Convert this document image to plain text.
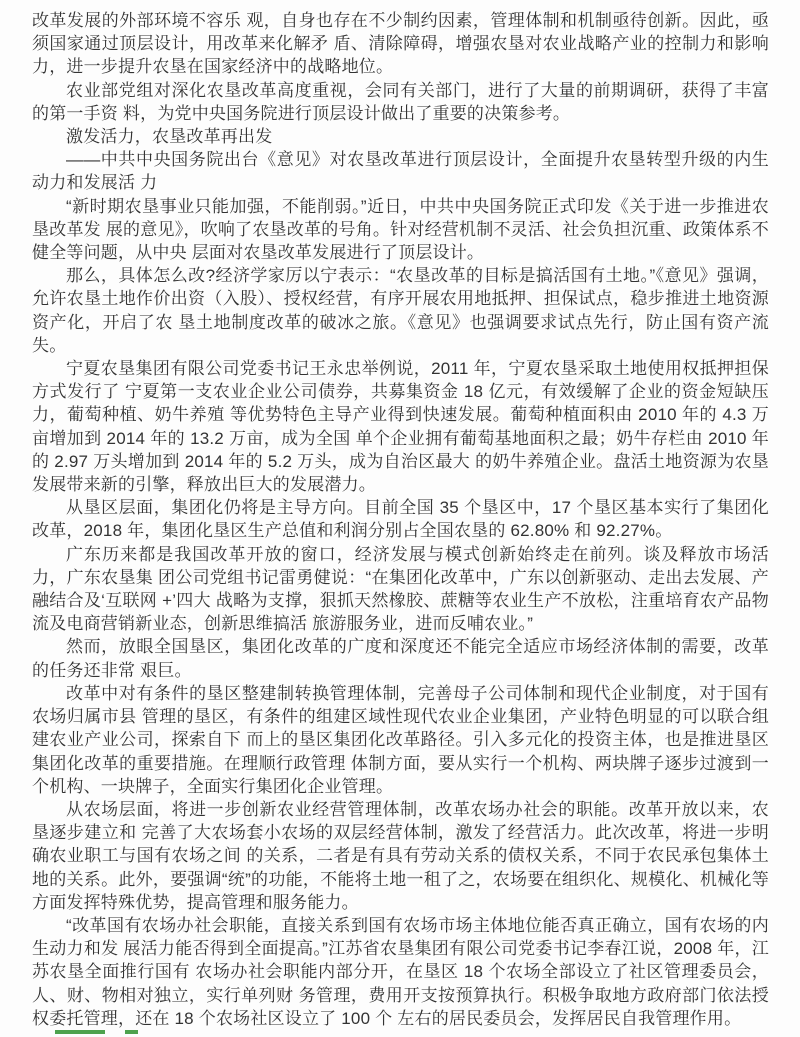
改革发展的外部环境不容乐 观，自身也存在不少制约因素，管理体制和机制亟待创新。因此，亟须国家通过顶层设计，用改革来化解矛 盾、清除障碍，增强农垦对农业战略产业的控制力和影响力，进一步提升农垦在国家经济中的战略地位。

农业部党组对深化农垦改革高度重视，会同有关部门，进行了大量的前期调研，获得了丰富的第一手资 料，为党中央国务院进行顶层设计做出了重要的决策参考。

激发活力，农垦改革再出发

——中共中央国务院出台《意见》对农垦改革进行顶层设计，全面提升农垦转型升级的内生动力和发展活 力

“新时期农垦事业只能加强，不能削弱。”近日，中共中央国务院正式印发《关于进一步推进农垦改革发 展的意见》，吹响了农垦改革的号角。针对经营机制不灵活、社会负担沉重、政策体系不健全等问题，从中央 层面对农垦改革发展进行了顶层设计。

那么，具体怎么改?经济学家厉以宁表示：“农垦改革的目标是搞活国有土地。”《意见》强调，允许农垦土地作价出资（入股）、授权经营，有序开展农用地抵押、担保试点，稳步推进土地资源资产化，开启了农 垦土地制度改革的破冰之旅。《意见》也强调要求试点先行，防止国有资产流失。

宁夏农垦集团有限公司党委书记王永忠举例说，2011 年，宁夏农垦采取土地使用权抵押担保方式发行了 宁夏第一支农业企业公司债券，共募集资金 18 亿元，有效缓解了企业的资金短缺压力，葡萄种植、奶牛养殖 等优势特色主导产业得到快速发展。葡萄种植面积由 2010 年的 4.3 万亩增加到 2014 年的 13.2 万亩，成为全国 单个企业拥有葡萄基地面积之最；奶牛存栏由 2010 年的 2.97 万头增加到 2014 年的 5.2 万头，成为自治区最大 的奶牛养殖企业。盘活土地资源为农垦发展带来新的引擎，释放出巨大的发展潜力。

从垦区层面，集团化仍将是主导方向。目前全国 35 个垦区中，17 个垦区基本实行了集团化改革，2018 年，集团化垦区生产总值和利润分别占全国农垦的 62.80% 和 92.27%。

广东历来都是我国改革开放的窗口，经济发展与模式创新始终走在前列。谈及释放市场活力，广东农垦集 团公司党组书记雷勇健说：“在集团化改革中，广东以创新驱动、走出去发展、产融结合及‘互联网 +’四大 战略为支撑，狠抓天然橡胶、蔗糖等农业生产不放松，注重培育农产品物流及电商营销新业态，创新思维搞活 旅游服务业，进而反哺农业。”

然而，放眼全国垦区，集团化改革的广度和深度还不能完全适应市场经济体制的需要，改革的任务还非常 艰巨。

改革中对有条件的垦区整建制转换管理体制，完善母子公司体制和现代企业制度，对于国有农场归属市县 管理的垦区，有条件的组建区域性现代农业企业集团，产业特色明显的可以联合组建农业产业公司，探索自下 而上的垦区集团化改革路径。引入多元化的投资主体，也是推进垦区集团化改革的重要措施。在理顺行政管理 体制方面，要从实行一个机构、两块牌子逐步过渡到一个机构、一块牌子，全面实行集团化企业管理。

从农场层面，将进一步创新农业经营管理体制，改革农场办社会的职能。改革开放以来，农垦逐步建立和 完善了大农场套小农场的双层经营体制，激发了经营活力。此次改革，将进一步明确农业职工与国有农场之间 的关系，二者是有具有劳动关系的债权关系，不同于农民承包集体土地的关系。此外，要强调“统”的功能，不能将土地一租了之，农场要在组织化、规模化、机械化等方面发挥特殊优势，提高管理和服务能力。

“改革国有农场办社会职能，直接关系到国有农场市场主体地位能否真正确立，国有农场的内生动力和发 展活力能否得到全面提高。”江苏省农垦集团有限公司党委书记李春江说，2008 年，江苏农垦全面推行国有 农场办社会职能内部分开，在垦区 18 个农场全部设立了社区管理委员会，人、财、物相对独立，实行单列财 务管理，费用开支按预算执行。积极争取地方政府部门依法授权委托管理，还在 18 个农场社区设立了 100 个 左右的居民委员会，发挥居民自我管理作用。
